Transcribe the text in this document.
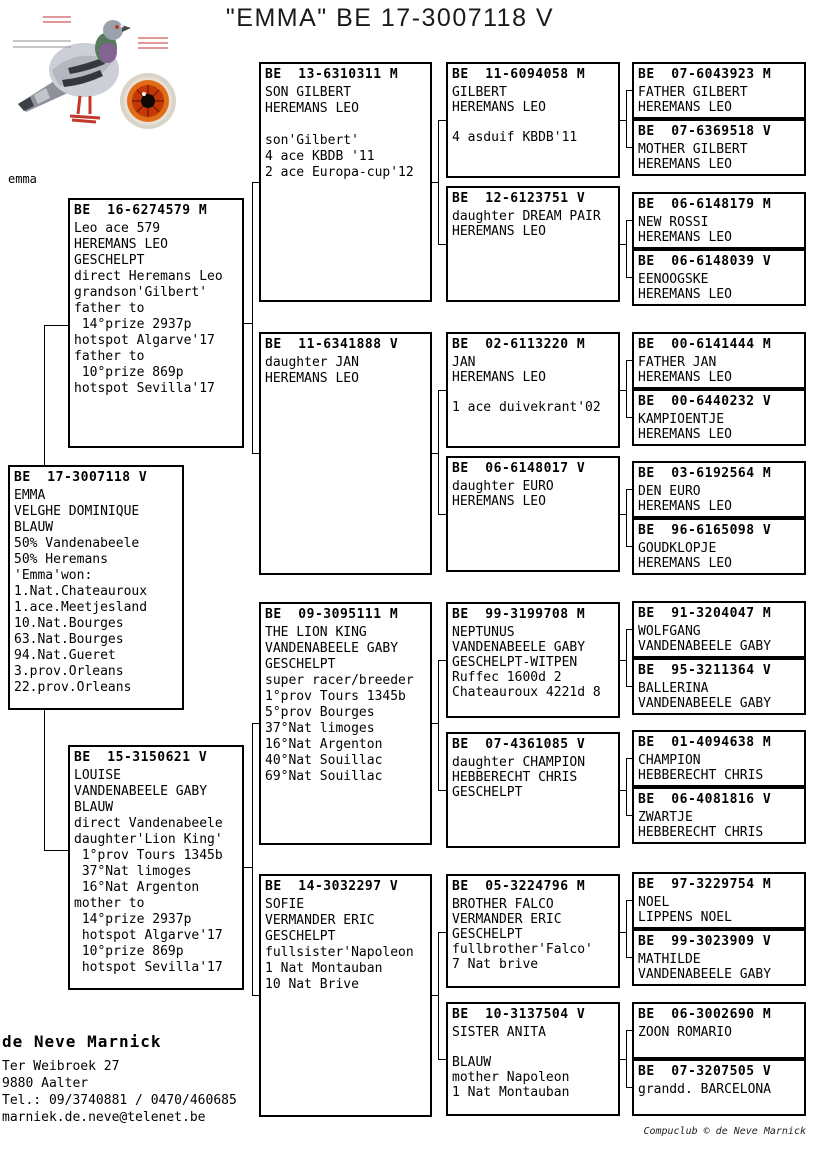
"EMMA" BE 17-3007118 V
emma
BE  16-6274579 M
Leo ace 579
HEREMANS LEO
GESCHELPT
direct Heremans Leo
grandson'Gilbert'
father to
14°prize 2937p
hotspot Algarve'17
father to
10°prize 869p
hotspot Sevilla'17
BE  17-3007118 V
EMMA
VELGHE DOMINIQUE
BLAUW
50% Vandenabeele
50% Heremans
'Emma'won:
1.Nat.Chateauroux
1.ace.Meetjesland
10.Nat.Bourges
63.Nat.Bourges
94.Nat.Gueret
3.prov.Orleans
22.prov.Orleans
BE  15-3150621 V
LOUISE
VANDENABEELE GABY
BLAUW
direct Vandenabeele
daughter'Lion King'
1°prov Tours 1345b
37°Nat limoges
16°Nat Argenton
mother to
14°prize 2937p
hotspot Algarve'17
10°prize 869p
hotspot Sevilla'17
BE  13-6310311 M
SON GILBERT
HEREMANS LEO

son'Gilbert'
4 ace KBDB '11
2 ace Europa-cup'12
BE  11-6341888 V
daughter JAN
HEREMANS LEO
BE  09-3095111 M
THE LION KING
VANDENABEELE GABY
GESCHELPT
super racer/breeder
1°prov Tours 1345b
5°prov Bourges
37°Nat limoges
16°Nat Argenton
40°Nat Souillac
69°Nat Souillac
BE  14-3032297 V
SOFIE
VERMANDER ERIC
GESCHELPT
fullsister'Napoleon
1 Nat Montauban
10 Nat Brive
BE  11-6094058 M
GILBERT
HEREMANS LEO

4 asduif KBDB'11
BE  12-6123751 V
daughter DREAM PAIR
HEREMANS LEO
BE  02-6113220 M
JAN
HEREMANS LEO

1 ace duivekrant'02
BE  06-6148017 V
daughter EURO
HEREMANS LEO
BE  99-3199708 M
NEPTUNUS
VANDENABEELE GABY
GESCHELPT-WITPEN
Ruffec 1600d 2
Chateauroux 4221d 8
BE  07-4361085 V
daughter CHAMPION
HEBBERECHT CHRIS
GESCHELPT
BE  05-3224796 M
BROTHER FALCO
VERMANDER ERIC
GESCHELPT
fullbrother'Falco'
7 Nat brive
BE  10-3137504 V
SISTER ANITA

BLAUW
mother Napoleon
1 Nat Montauban
BE  07-6043923 M
FATHER GILBERT
HEREMANS LEO
BE  07-6369518 V
MOTHER GILBERT
HEREMANS LEO
BE  06-6148179 M
NEW ROSSI
HEREMANS LEO
BE  06-6148039 V
EENOOGSKE
HEREMANS LEO
BE  00-6141444 M
FATHER JAN
HEREMANS LEO
BE  00-6440232 V
KAMPIOENTJE
HEREMANS LEO
BE  03-6192564 M
DEN EURO
HEREMANS LEO
BE  96-6165098 V
GOUDKLOPJE
HEREMANS LEO
BE  91-3204047 M
WOLFGANG
VANDENABEELE GABY
BE  95-3211364 V
BALLERINA
VANDENABEELE GABY
BE  01-4094638 M
CHAMPION
HEBBERECHT CHRIS
BE  06-4081816 V
ZWARTJE
HEBBERECHT CHRIS
BE  97-3229754 M
NOEL
LIPPENS NOEL
BE  99-3023909 V
MATHILDE
VANDENABEELE GABY
BE  06-3002690 M
ZOON ROMARIO
BE  07-3207505 V
grandd. BARCELONA
de Neve Marnick
Ter Weibroek 27
9880 Aalter
Tel.: 09/3740881 / 0470/460685
marniek.de.neve@telenet.be
Compuclub © de Neve Marnick
